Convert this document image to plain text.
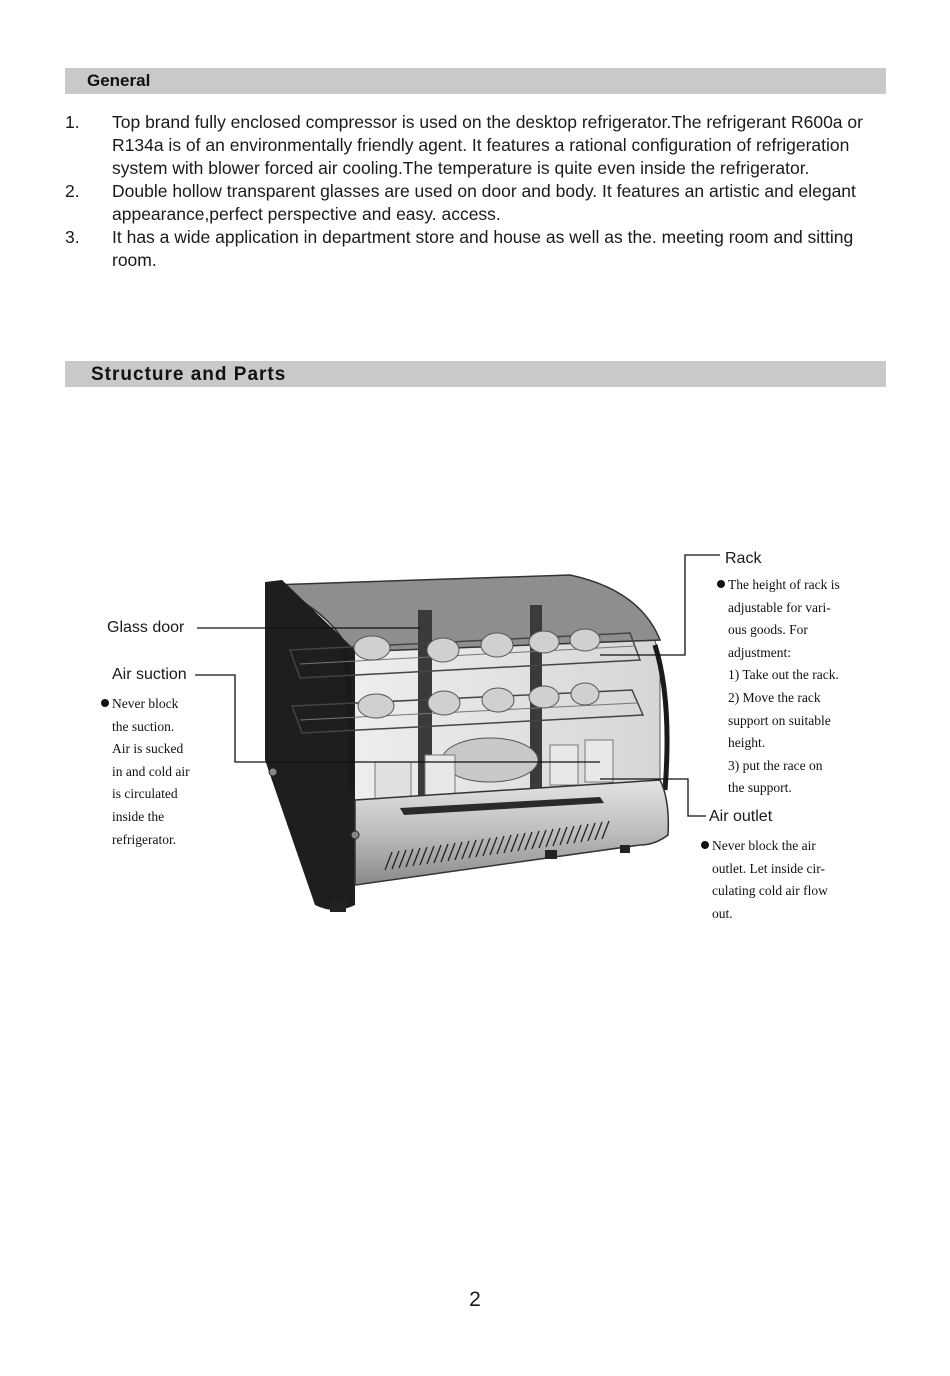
General
1. Top brand fully enclosed compressor is used on the desktop refrigerator.The refrigerant R600a or R134a is of an environmentally friendly agent. It features a rational configuration of refrigeration system with blower forced air cooling.The temperature is quite even inside the refrigerator.
2. Double hollow transparent glasses are used on door and body. It features an artistic and elegant appearance,perfect perspective and easy. access.
3. It has a wide application in department store and house as well as the. meeting room and sitting room.
Structure and Parts
Glass door
Air suction
Rack
Air outlet
Never block
the suction.
Air is sucked
in and cold air
is circulated
inside the
refrigerator.
The height of rack is
adjustable for vari-
ous goods. For
adjustment:
1) Take out the rack.
2) Move the rack
support on suitable
height.
3) put the race on
the support.
Never block the air
outlet. Let inside cir-
culating cold air flow
out.
2
